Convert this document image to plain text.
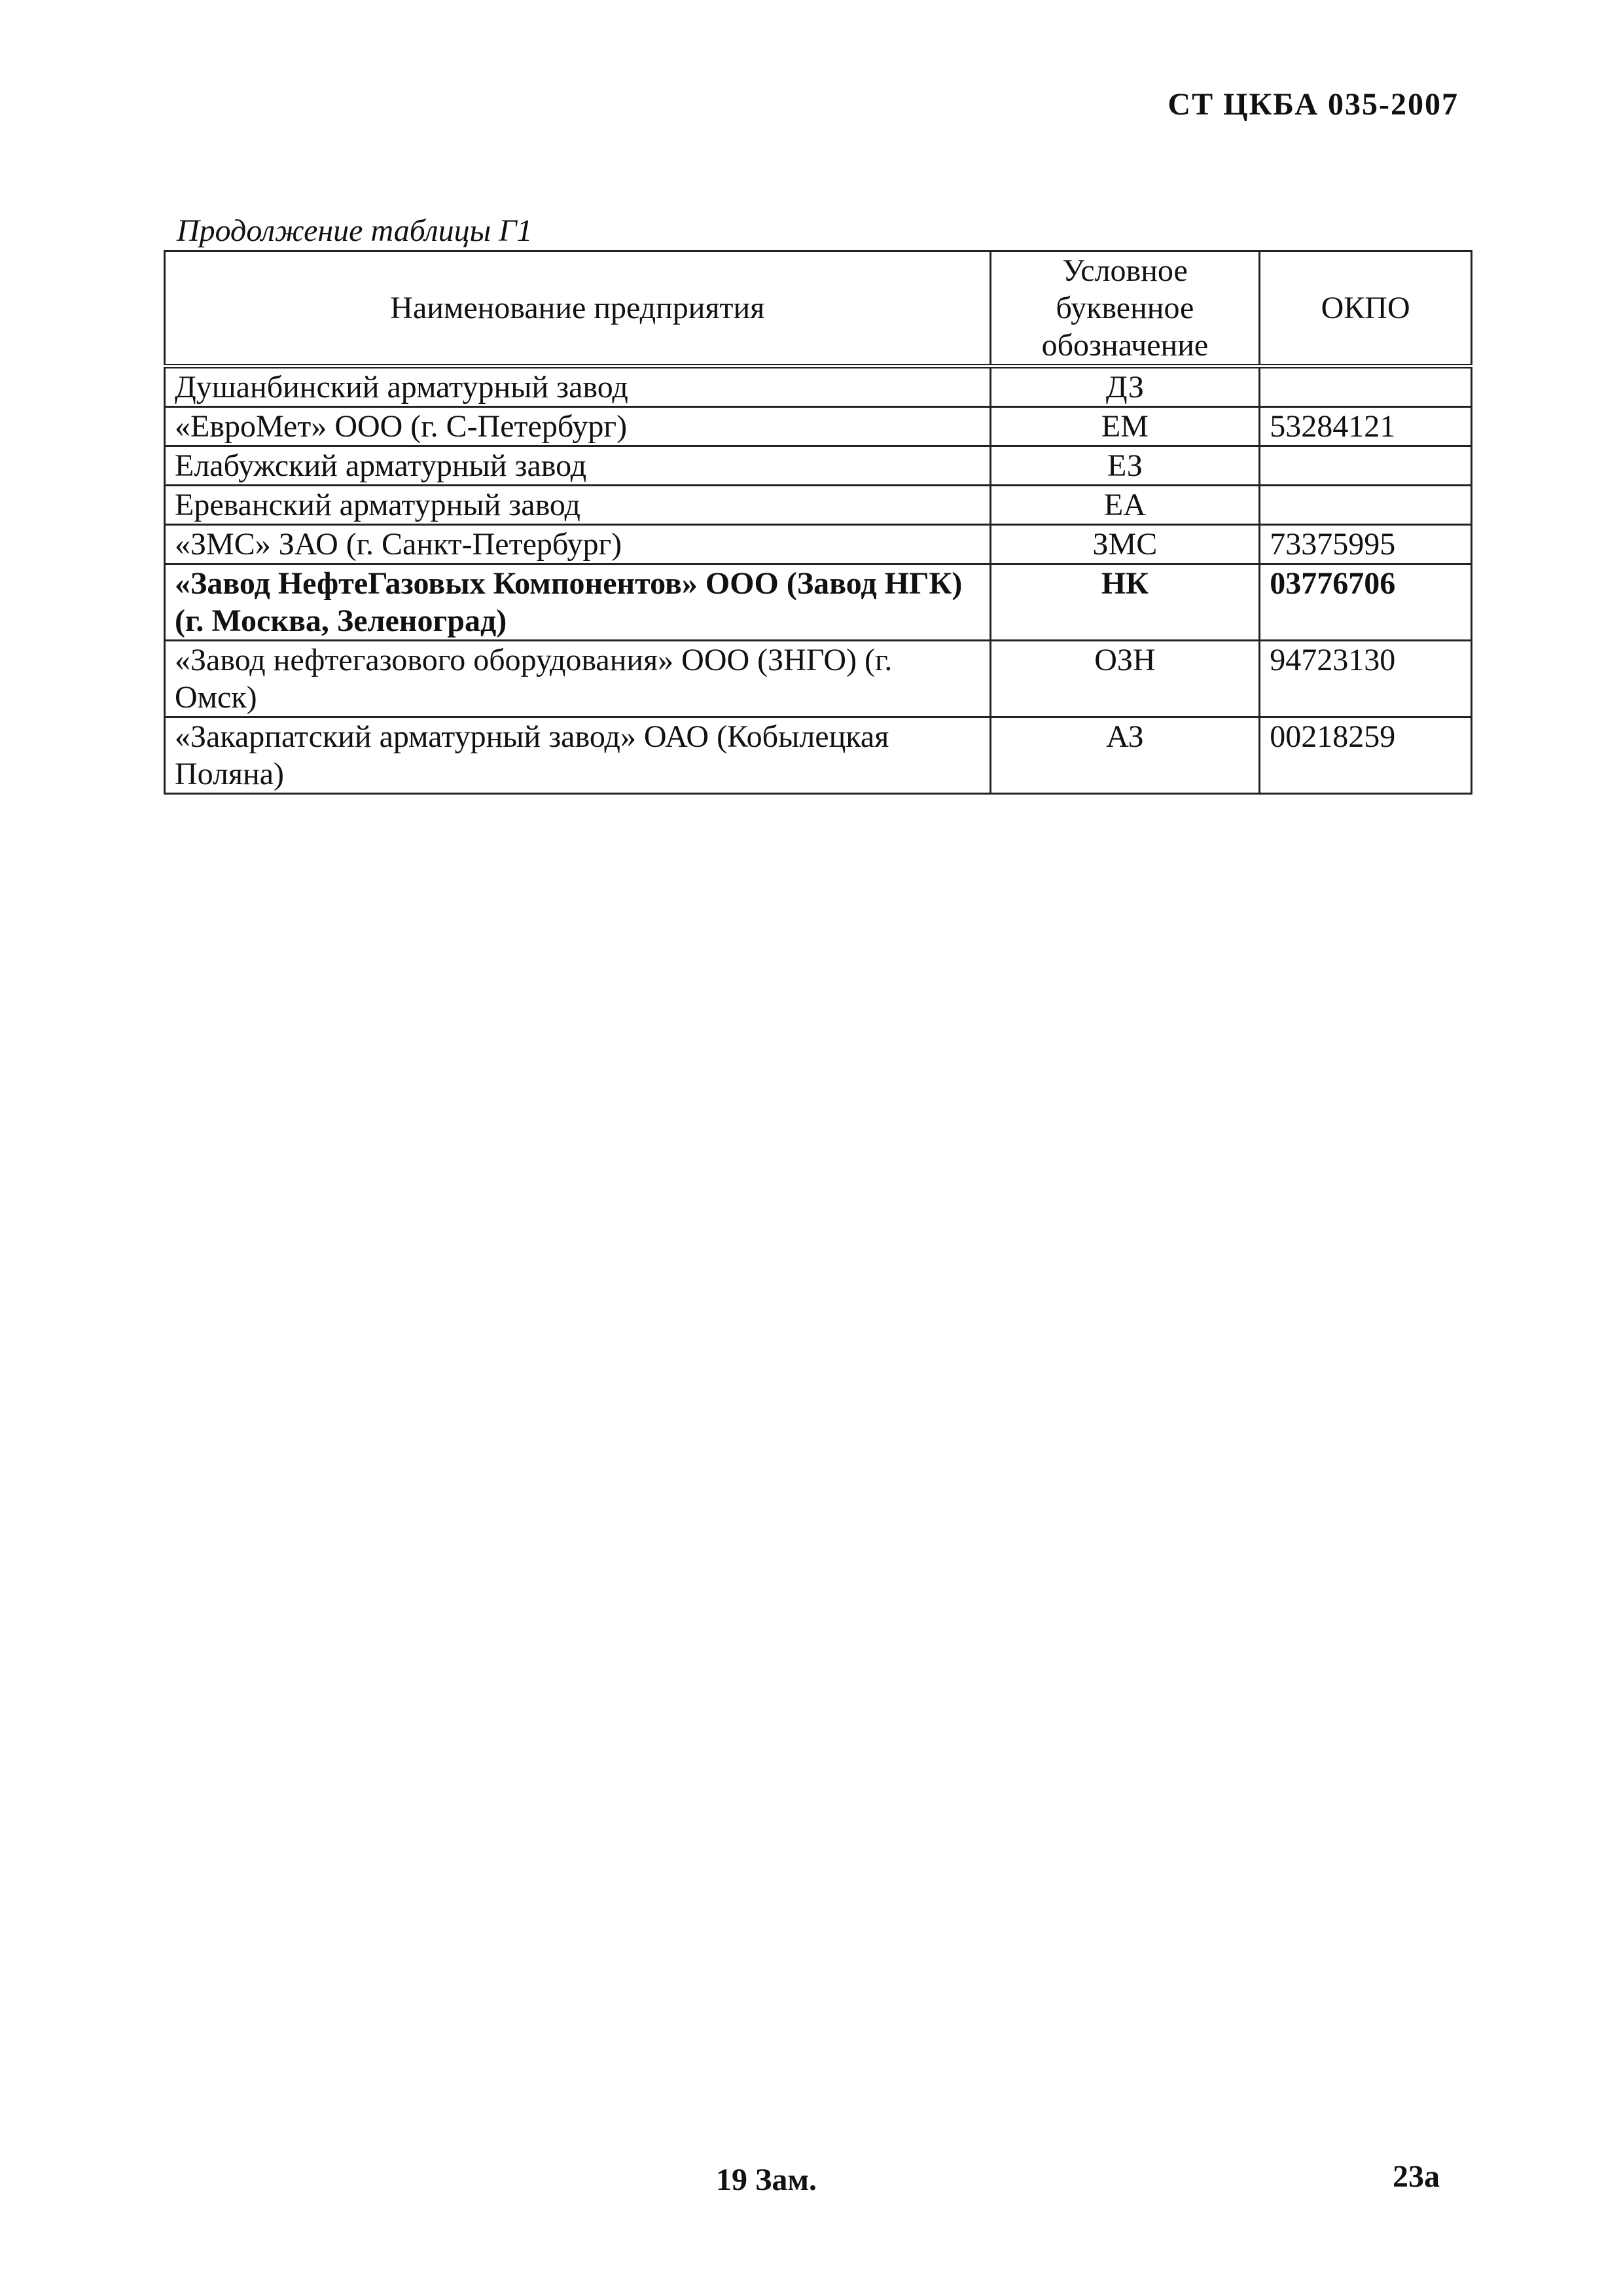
СТ ЦКБА 035-2007
Продолжение таблицы Г1
Наименование предприятия	Условное буквенное обозначение	ОКПО
Душанбинский арматурный завод	ДЗ	
«ЕвроМет» ООО (г. С-Петербург)	ЕМ	53284121
Елабужский арматурный завод	ЕЗ	
Ереванский арматурный завод	ЕА	
«ЗМС» ЗАО (г. Санкт-Петербург)	ЗМС	73375995
«Завод НефтеГазовых Компонентов» ООО (Завод НГК) (г. Москва, Зеленоград)	НК	03776706
«Завод нефтегазового оборудования» ООО (ЗНГО) (г. Омск)	ОЗН	94723130
«Закарпатский арматурный завод» ОАО (Кобылецкая Поляна)	АЗ	00218259
19 Зам.	23а
